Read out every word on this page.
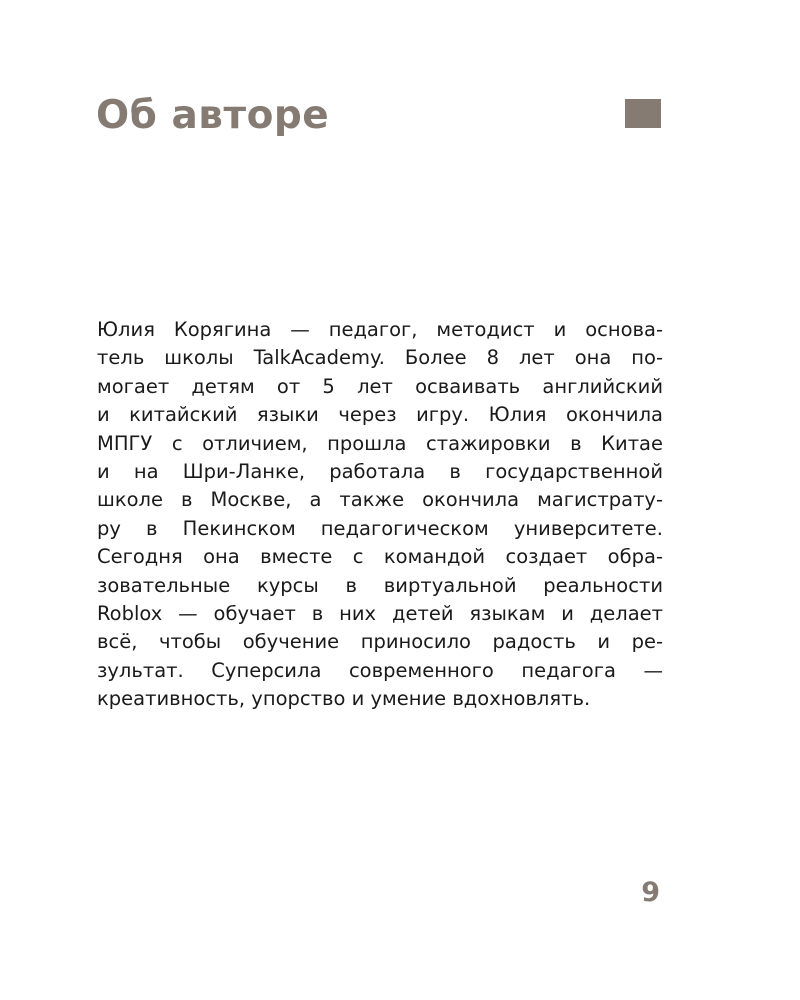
Об авторе
Юлия Корягина — педагог, методист и основа-
тель школы TalkAcademy. Более 8 лет она по-
могает детям от 5 лет осваивать английский
и китайский языки через игру. Юлия окончила
МПГУ с отличием, прошла стажировки в Китае
и на Шри-Ланке, работала в государственной
школе в Москве, а также окончила магистрату-
ру в Пекинском педагогическом университете.
Сегодня она вместе с командой создает обра-
зовательные курсы в виртуальной реальности
Roblox — обучает в них детей языкам и делает
всё, чтобы обучение приносило радость и ре-
зультат. Суперсила современного педагога —
креативность, упорство и умение вдохновлять.
9
